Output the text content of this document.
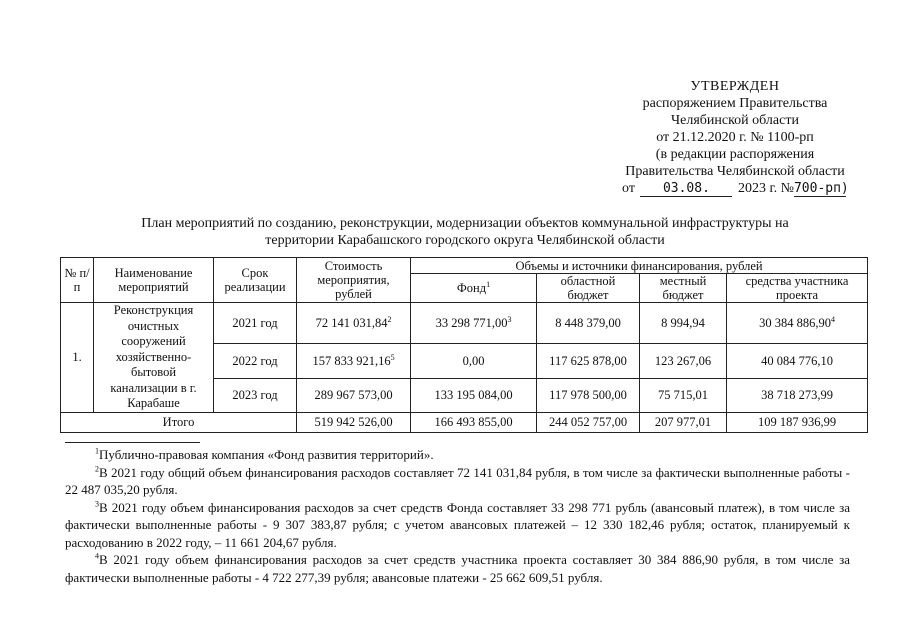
УТВЕРЖДЕН
распоряжением Правительства
Челябинской области
от 21.12.2020 г. № 1100-рп
(в редакции распоряжения
Правительства Челябинской области
от 03.08. 2023 г. №700-рп)
План мероприятий по созданию, реконструкции, модернизации объектов коммунальной инфраструктуры на
территории Карабашского городского округа Челябинской области
№ п/п	Наименование мероприятий	Срок реализации	Стоимость мероприятия, рублей	Объемы и источники финансирования, рублей			
				Фонд$^1$	областной бюджет	местный бюджет	средства участника проекта
1.	Реконструкция очистных сооружений хозяйственно-бытовой канализации в г. Карабаше	2021 год	72 141 031,84$^2$	33 298 771,00$^3$	8 448 379,00	8 994,94	30 384 886,90$^4$
		2022 год	157 833 921,16$^5$	0,00	117 625 878,00	123 267,06	40 084 776,10
		2023 год	289 967 573,00	133 195 084,00	117 978 500,00	75 715,01	38 718 273,99
Итого			519 942 526,00	166 493 855,00	244 052 757,00	207 977,01	109 187 936,99

$^1$Публично-правовая компания «Фонд развития территорий».

$^2$В 2021 году общий объем финансирования расходов составляет 72 141 031,84 рубля, в том числе за фактически выполненные работы - 22 487 035,20 рубля.

$^3$В 2021 году объем финансирования расходов за счет средств Фонда составляет 33 298 771 рубль (авансовый платеж), в том числе за фактически выполненные работы - 9 307 383,87 рубля; с учетом авансовых платежей – 12 330 182,46 рубля; остаток, планируемый к расходованию в 2022 году, – 11 661 204,67 рубля.

$^4$В 2021 году объем финансирования расходов за счет средств участника проекта составляет 30 384 886,90 рубля, в том числе за фактически выполненные работы - 4 722 277,39 рубля; авансовые платежи - 25 662 609,51 рубля.
